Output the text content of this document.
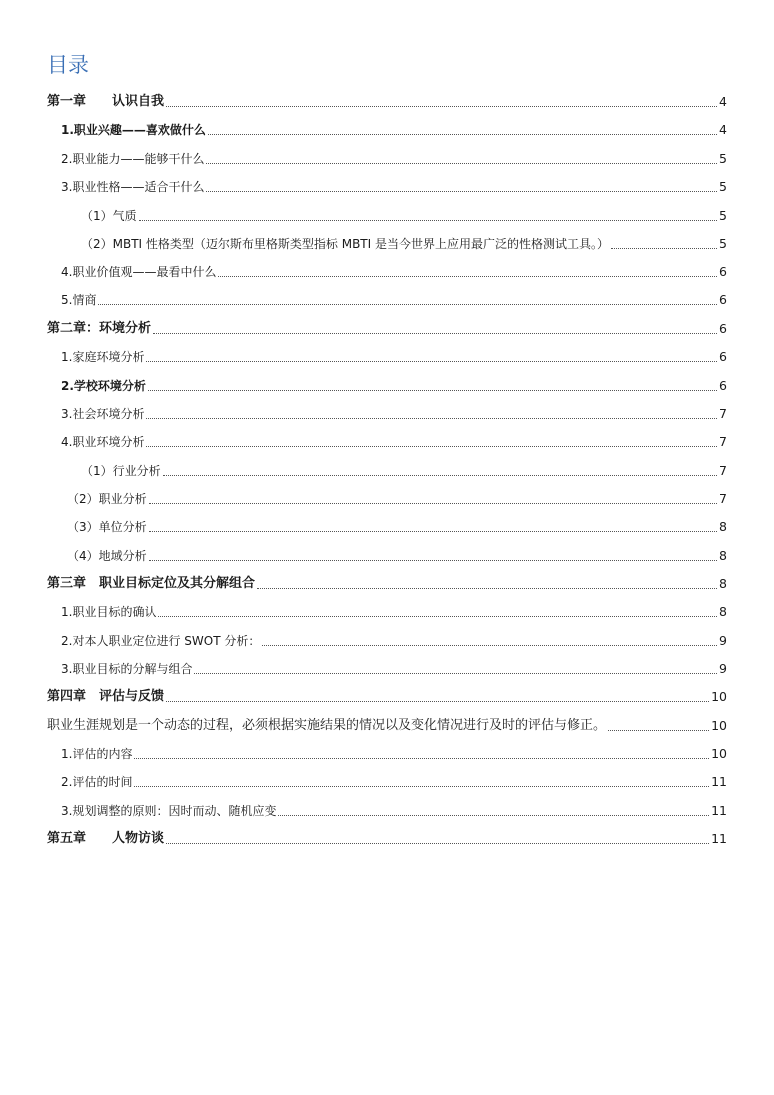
目录
第一章　　认识自我	4
1.职业兴趣——喜欢做什么	4
2.职业能力——能够干什么	5
3.职业性格——适合干什么	5
（1）气质	5
（2）MBTI 性格类型（迈尔斯布里格斯类型指标 MBTI 是当今世界上应用最广泛的性格测试工具。）	5
4.职业价值观——最看中什么	6
5.情商	6
第二章：环境分析	6
1.家庭环境分析	6
2.学校环境分析	6
3.社会环境分析	7
4.职业环境分析	7
（1）行业分析	7
（2）职业分析	7
（3）单位分析	8
（4）地域分析	8
第三章　职业目标定位及其分解组合	8
1.职业目标的确认	8
2.对本人职业定位进行 SWOT 分析：	9
3.职业目标的分解与组合	9
第四章　评估与反馈	10
职业生涯规划是一个动态的过程，必须根据实施结果的情况以及变化情况进行及时的评估与修正。	10
1.评估的内容	10
2.评估的时间	11
3.规划调整的原则：因时而动、随机应变	11
第五章　　人物访谈	11
